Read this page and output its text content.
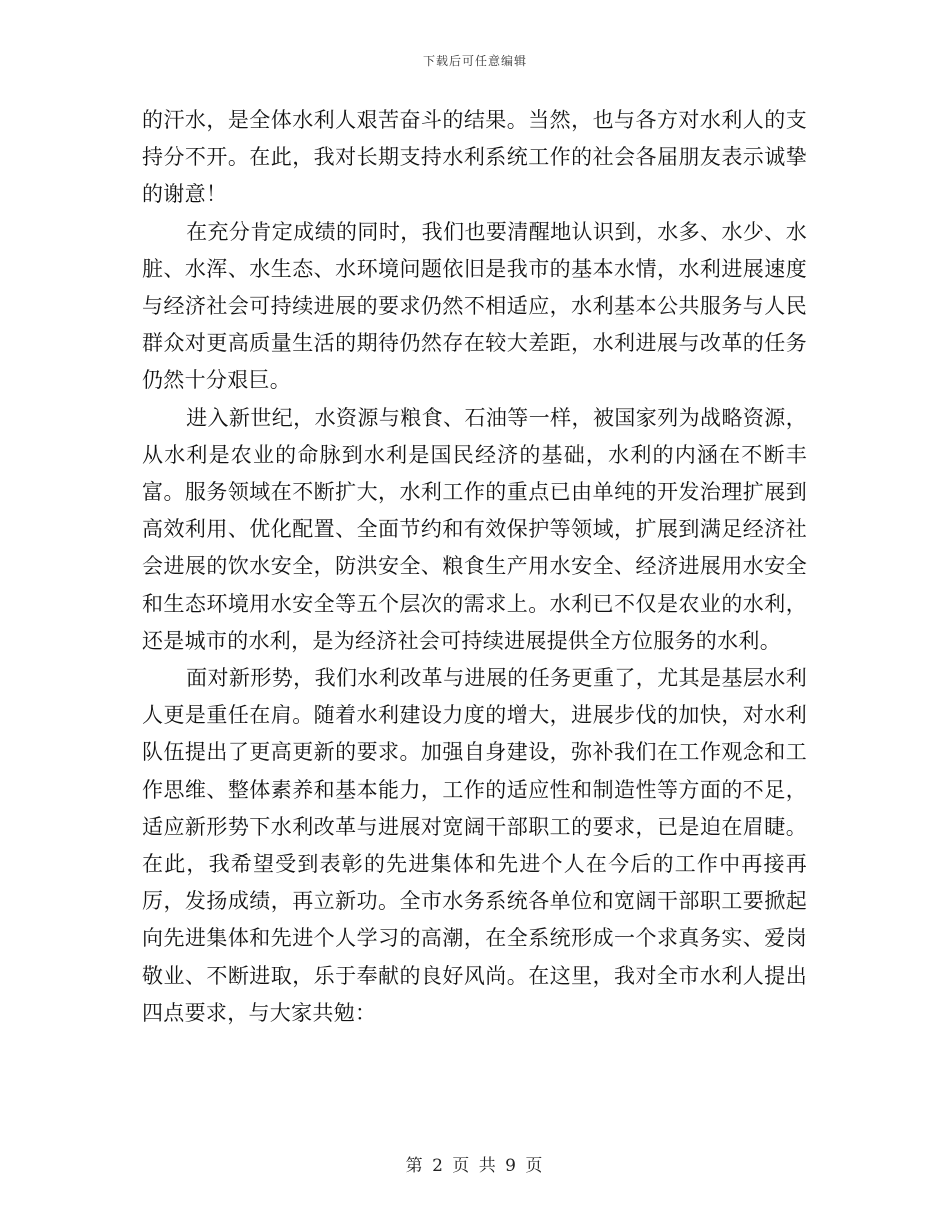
下载后可任意编辑

的汗水，是全体水利人艰苦奋斗的结果。当然，也与各方对水利人的支持分不开。在此，我对长期支持水利系统工作的社会各届朋友表示诚挚的谢意！

在充分肯定成绩的同时，我们也要清醒地认识到，水多、水少、水脏、水浑、水生态、水环境问题依旧是我市的基本水情，水利进展速度与经济社会可持续进展的要求仍然不相适应，水利基本公共服务与人民群众对更高质量生活的期待仍然存在较大差距，水利进展与改革的任务仍然十分艰巨。

进入新世纪，水资源与粮食、石油等一样，被国家列为战略资源，从水利是农业的命脉到水利是国民经济的基础，水利的内涵在不断丰富。服务领域在不断扩大，水利工作的重点已由单纯的开发治理扩展到高效利用、优化配置、全面节约和有效保护等领域，扩展到满足经济社会进展的饮水安全，防洪安全、粮食生产用水安全、经济进展用水安全和生态环境用水安全等五个层次的需求上。水利已不仅是农业的水利，还是城市的水利，是为经济社会可持续进展提供全方位服务的水利。

面对新形势，我们水利改革与进展的任务更重了，尤其是基层水利人更是重任在肩。随着水利建设力度的增大，进展步伐的加快，对水利队伍提出了更高更新的要求。加强自身建设，弥补我们在工作观念和工作思维、整体素养和基本能力，工作的适应性和制造性等方面的不足，适应新形势下水利改革与进展对宽阔干部职工的要求，已是迫在眉睫。在此，我希望受到表彰的先进集体和先进个人在今后的工作中再接再厉，发扬成绩，再立新功。全市水务系统各单位和宽阔干部职工要掀起向先进集体和先进个人学习的高潮，在全系统形成一个求真务实、爱岗敬业、不断进取，乐于奉献的良好风尚。在这里，我对全市水利人提出四点要求，与大家共勉：

第 2 页 共 9 页
